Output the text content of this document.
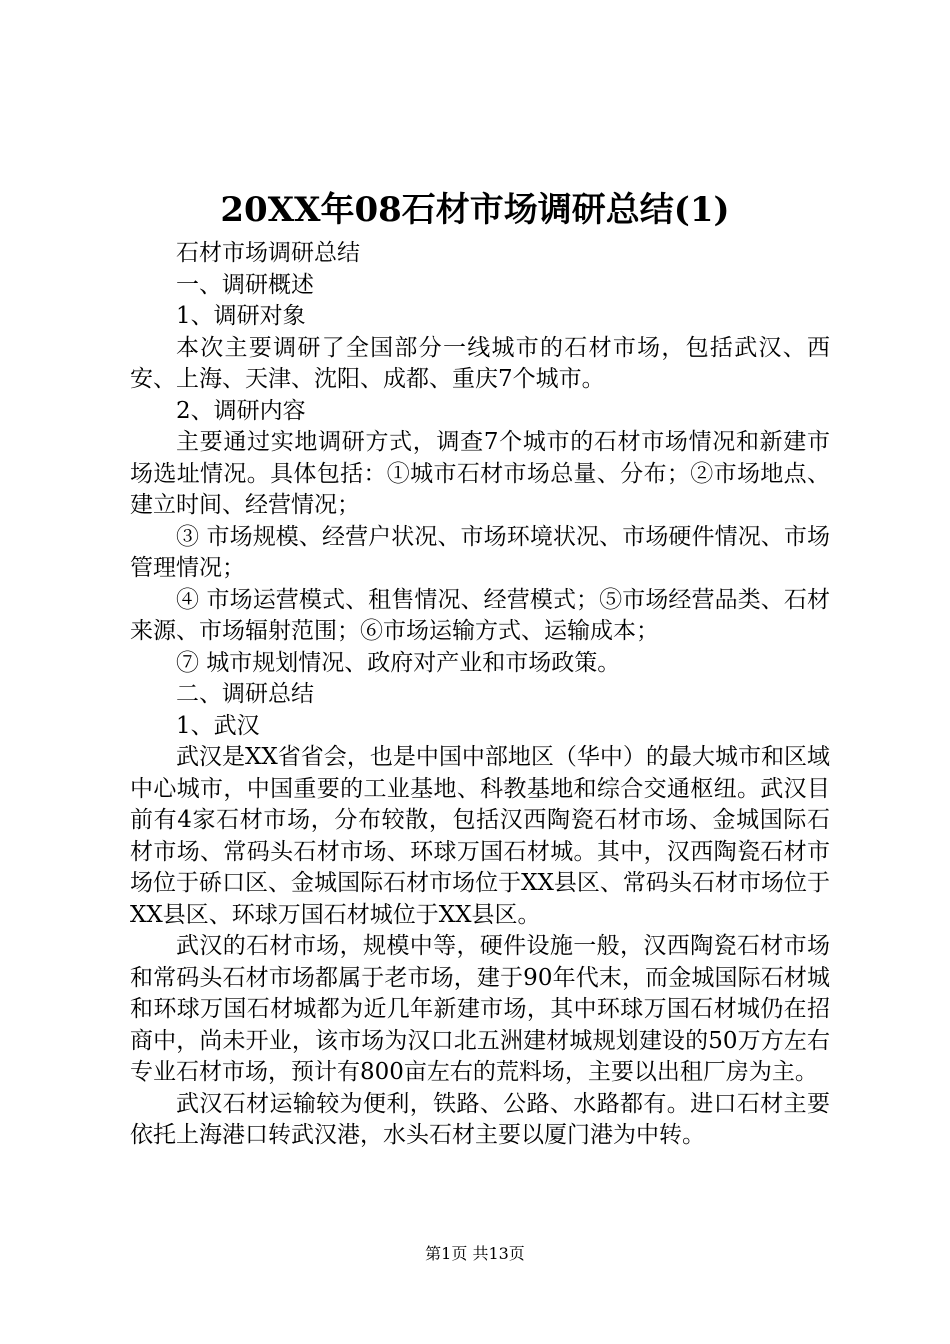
20XX年08石材市场调研总结(1)

石材市场调研总结

一、调研概述

1、调研对象

本次主要调研了全国部分一线城市的石材市场，包括武汉、西安、上海、天津、沈阳、成都、重庆7个城市。

2、调研内容

主要通过实地调研方式，调查7个城市的石材市场情况和新建市场选址情况。具体包括：①城市石材市场总量、分布；②市场地点、建立时间、经营情况；

③ 市场规模、经营户状况、市场环境状况、市场硬件情况、市场管理情况；

④ 市场运营模式、租售情况、经营模式；⑤市场经营品类、石材来源、市场辐射范围；⑥市场运输方式、运输成本；

⑦ 城市规划情况、政府对产业和市场政策。

二、调研总结

1、武汉

武汉是XX省省会，也是中国中部地区（华中）的最大城市和区域中心城市，中国重要的工业基地、科教基地和综合交通枢纽。武汉目前有4家石材市场，分布较散，包括汉西陶瓷石材市场、金城国际石材市场、常码头石材市场、环球万国石材城。其中，汉西陶瓷石材市场位于硚口区、金城国际石材市场位于XX县区、常码头石材市场位于XX县区、环球万国石材城位于XX县区。

武汉的石材市场，规模中等，硬件设施一般，汉西陶瓷石材市场和常码头石材市场都属于老市场，建于90年代末，而金城国际石材城和环球万国石材城都为近几年新建市场，其中环球万国石材城仍在招商中，尚未开业，该市场为汉口北五洲建材城规划建设的50万方左右专业石材市场，预计有800亩左右的荒料场，主要以出租厂房为主。

武汉石材运输较为便利，铁路、公路、水路都有。进口石材主要依托上海港口转武汉港，水头石材主要以厦门港为中转。

第1页 共13页
